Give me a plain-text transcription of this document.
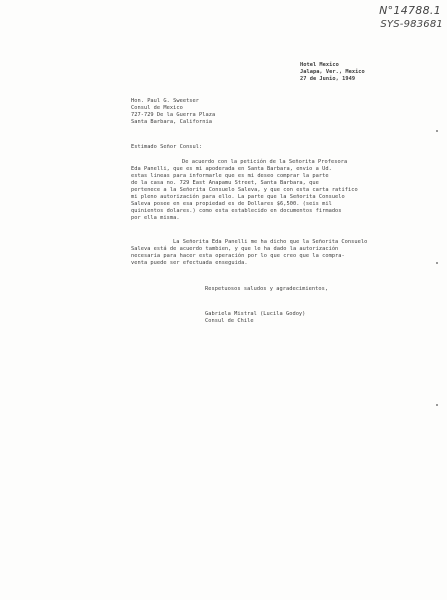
N°14788.1
SYS-983681
Hotel Mexico
Jalapa, Ver., Mexico
27 de Junio, 1949
Hon. Paul G. Sweetser
Consul de Mexico
727-729 De la Guerra Plaza
Santa Barbara, California
Estimado Señor Consul:
De acuerdo con la petición de la Señorita Profesora
Eda Panelli, que es mi apoderada en Santa Barbara, envio a Ud.
estas lineas para informarle que es mi deseo comprar la parte
de la casa no. 729 East Anapamu Street, Santa Barbara, que
pertenece a la Señorita Consuelo Saleva, y que con esta carta ratifico
mi pleno autorización para ello. La parte que la Señorita Consuelo
Saleva posee en esa propiedad es de Dollares $6,500. (seis mil
quinientos dolares.) como esta establecido en documentos firmados
por ella misma.
La Señorita Eda Panelli me ha dicho que la Señorita Consuelo
Saleva está de acuerdo tambien, y que le ha dado la autorización
necesaria para hacer esta operación por lo que creo que la compra-
venta puede ser efectuada enseguida.
Respetuosos saludos y agradecimientos,
Gabriela Mistral (Lucila Godoy)
Consul de Chile
